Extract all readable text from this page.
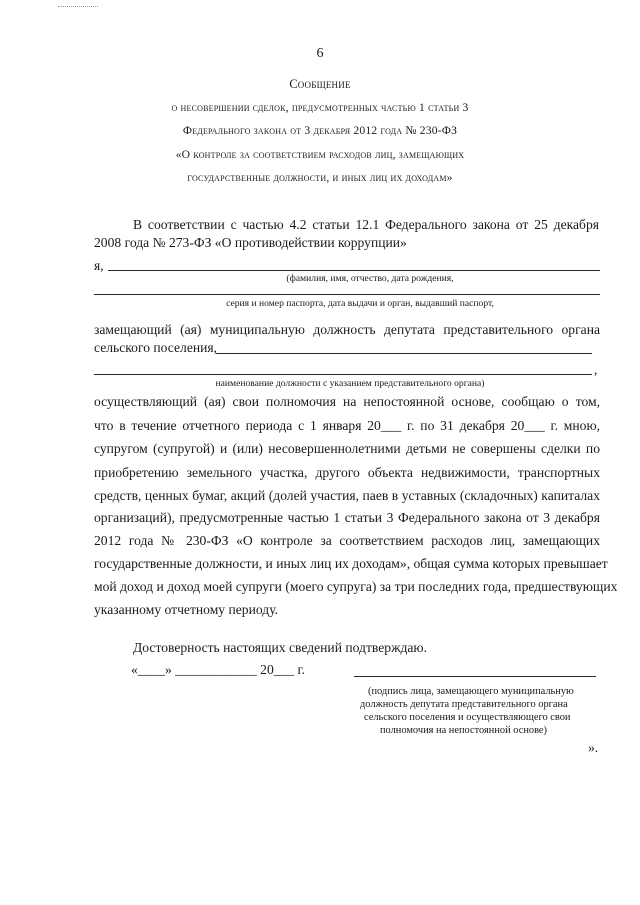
6
Сообщение
о несовершении сделок, предусмотренных частью 1 статьи 3
Федерального закона от 3 декабря 2012 года № 230-ФЗ
«О контроле за соответствием расходов лиц, замещающих
государственные должности, и иных лиц их доходам»
В соответствии с частью 4.2 статьи 12.1 Федерального закона от 25 декабря
2008 года № 273-ФЗ «О противодействии коррупции»
я,
(фамилия, имя, отчество, дата рождения,
серия и номер паспорта, дата выдачи и орган, выдавший паспорт,
замещающий (ая) муниципальную должность депутата представительного органа
сельского поселения,
,
наименование должности с указанием представительного органа)
осуществляющий (ая) свои полномочия на непостоянной основе, сообщаю о том,
что в течение отчетного периода с 1 января 20___ г. по 31 декабря 20___ г. мною,
супругом (супругой) и (или) несовершеннолетними детьми не совершены сделки по
приобретению земельного участка, другого объекта недвижимости, транспортных
средств, ценных бумаг, акций (долей участия, паев в уставных (складочных) капиталах
организаций), предусмотренные частью 1 статьи 3 Федерального закона от 3 декабря
2012 года № 230-ФЗ «О контроле за соответствием расходов лиц, замещающих
государственные должности, и иных лиц их доходам», общая сумма которых превышает
мой доход и доход моей супруги (моего супруга) за три последних года, предшествующих
указанному отчетному периоду.
Достоверность настоящих сведений подтверждаю.
«____» ____________ 20___ г.
(подпись лица, замещающего муниципальную
должность депутата представительного органа
сельского поселения и осуществляющего свои
полномочия на непостоянной основе)
».
